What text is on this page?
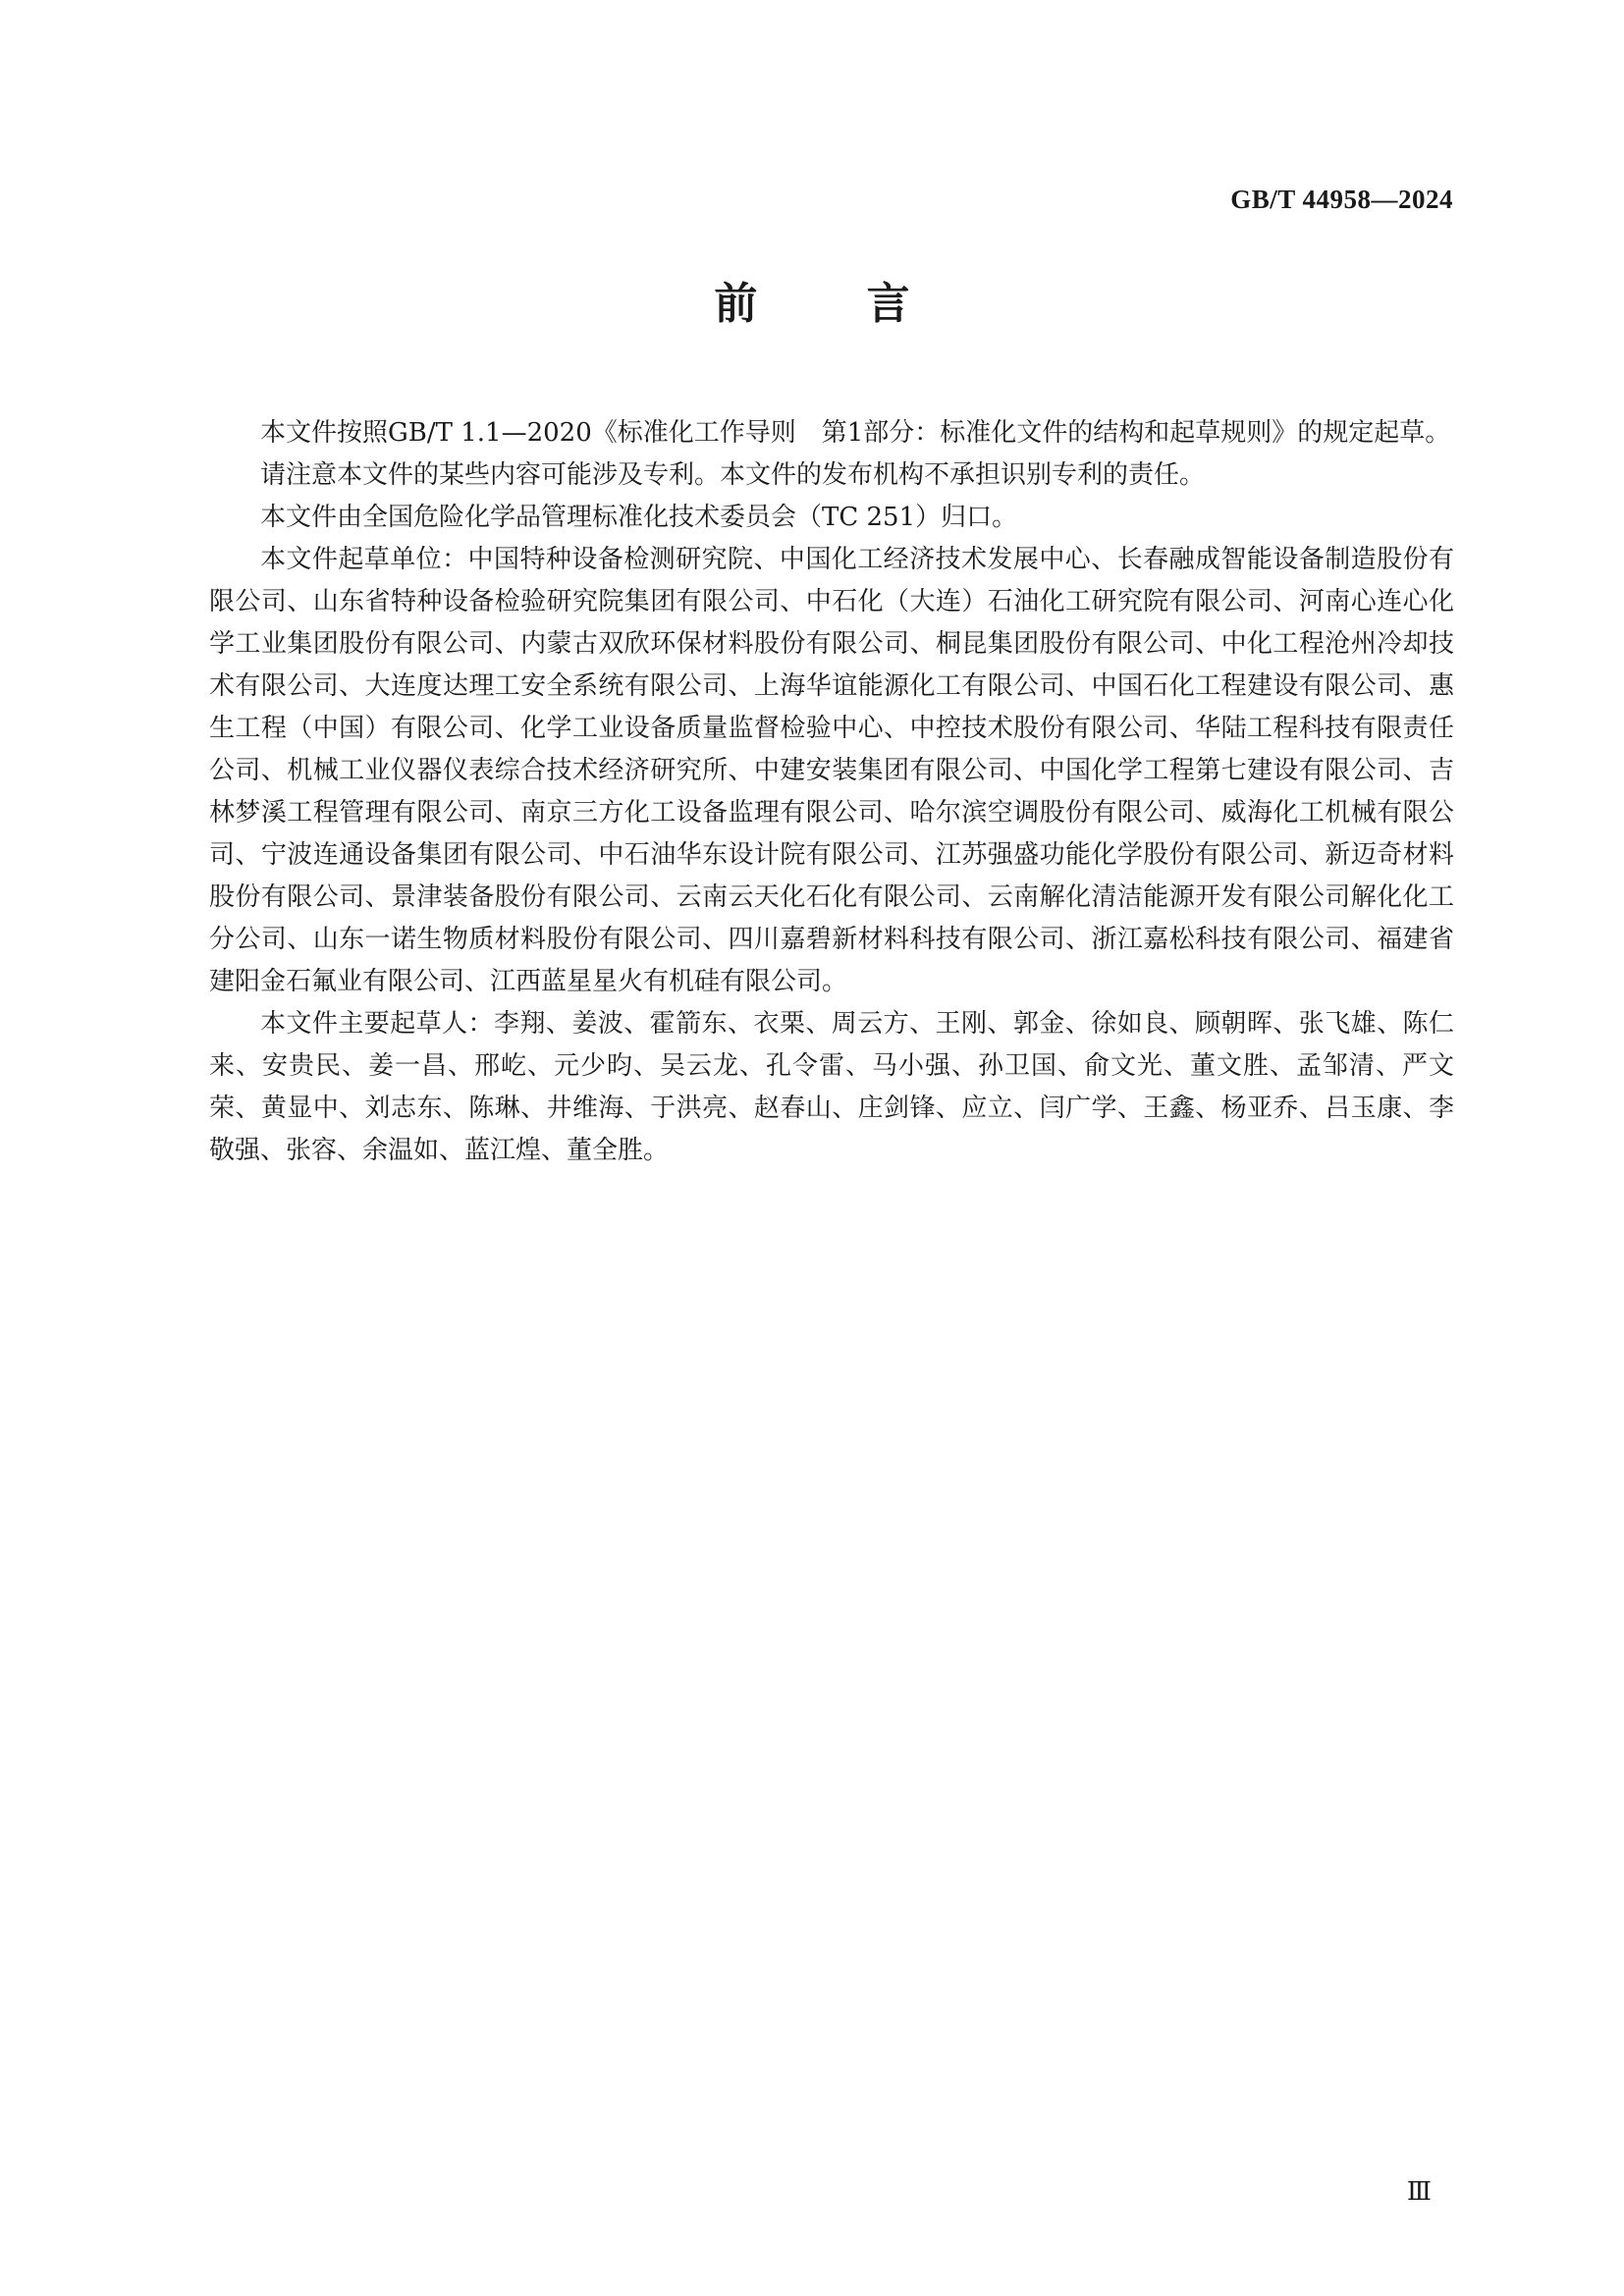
GB/T 44958—2024
前 言

本文件按照GB/T 1.1—2020《标准化工作导则　第1部分：标准化文件的结构和起草规则》的规定起草。

请注意本文件的某些内容可能涉及专利。本文件的发布机构不承担识别专利的责任。

本文件由全国危险化学品管理标准化技术委员会（TC 251）归口。

本文件起草单位：中国特种设备检测研究院、中国化工经济技术发展中心、长春融成智能设备制造股份有限公司、山东省特种设备检验研究院集团有限公司、中石化（大连）石油化工研究院有限公司、河南心连心化学工业集团股份有限公司、内蒙古双欣环保材料股份有限公司、桐昆集团股份有限公司、中化工程沧州冷却技术有限公司、大连度达理工安全系统有限公司、上海华谊能源化工有限公司、中国石化工程建设有限公司、惠生工程（中国）有限公司、化学工业设备质量监督检验中心、中控技术股份有限公司、华陆工程科技有限责任公司、机械工业仪器仪表综合技术经济研究所、中建安装集团有限公司、中国化学工程第七建设有限公司、吉林梦溪工程管理有限公司、南京三方化工设备监理有限公司、哈尔滨空调股份有限公司、威海化工机械有限公司、宁波连通设备集团有限公司、中石油华东设计院有限公司、江苏强盛功能化学股份有限公司、新迈奇材料股份有限公司、景津装备股份有限公司、云南云天化石化有限公司、云南解化清洁能源开发有限公司解化化工分公司、山东一诺生物质材料股份有限公司、四川嘉碧新材料科技有限公司、浙江嘉松科技有限公司、福建省建阳金石氟业有限公司、江西蓝星星火有机硅有限公司。

本文件主要起草人：李翔、姜波、霍箭东、衣栗、周云方、王刚、郭金、徐如良、顾朝晖、张飞雄、陈仁来、安贵民、姜一昌、邢屹、元少昀、吴云龙、孔令雷、马小强、孙卫国、俞文光、董文胜、孟邹清、严文荣、黄显中、刘志东、陈琳、井维海、于洪亮、赵春山、庄剑锋、应立、闫广学、王鑫、杨亚乔、吕玉康、李敬强、张容、余温如、蓝江煌、董全胜。

Ⅲ
